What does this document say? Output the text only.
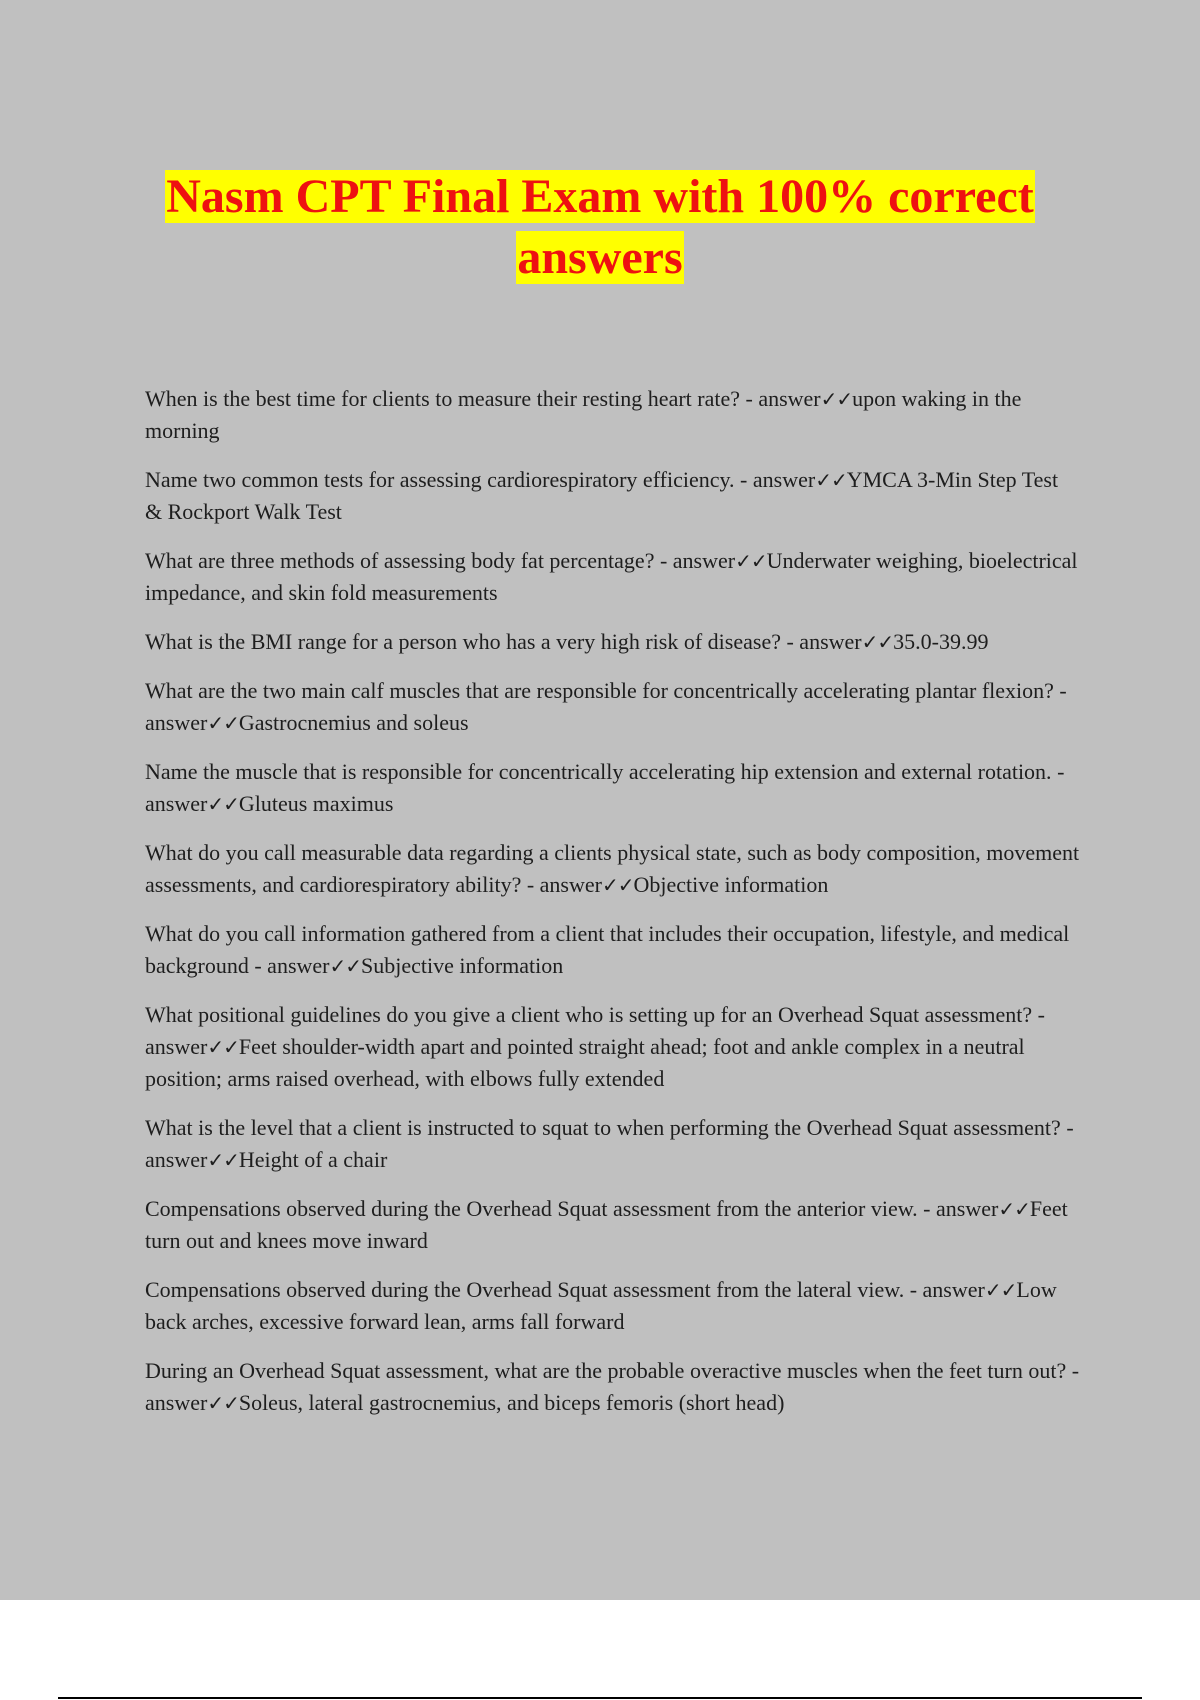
Nasm CPT Final Exam with 100% correct answers
When is the best time for clients to measure their resting heart rate? - answer✓✓upon waking in the morning
Name two common tests for assessing cardiorespiratory efficiency. - answer✓✓YMCA 3-Min Step Test & Rockport Walk Test
What are three methods of assessing body fat percentage? - answer✓✓Underwater weighing, bioelectrical impedance, and skin fold measurements
What is the BMI range for a person who has a very high risk of disease? - answer✓✓35.0-39.99
What are the two main calf muscles that are responsible for concentrically accelerating plantar flexion? - answer✓✓Gastrocnemius and soleus
Name the muscle that is responsible for concentrically accelerating hip extension and external rotation. - answer✓✓Gluteus maximus
What do you call measurable data regarding a clients physical state, such as body composition, movement assessments, and cardiorespiratory ability? - answer✓✓Objective information
What do you call information gathered from a client that includes their occupation, lifestyle, and medical background - answer✓✓Subjective information
What positional guidelines do you give a client who is setting up for an Overhead Squat assessment? - answer✓✓Feet shoulder-width apart and pointed straight ahead; foot and ankle complex in a neutral position; arms raised overhead, with elbows fully extended
What is the level that a client is instructed to squat to when performing the Overhead Squat assessment? - answer✓✓Height of a chair
Compensations observed during the Overhead Squat assessment from the anterior view. - answer✓✓Feet turn out and knees move inward
Compensations observed during the Overhead Squat assessment from the lateral view. - answer✓✓Low back arches, excessive forward lean, arms fall forward
During an Overhead Squat assessment, what are the probable overactive muscles when the feet turn out? - answer✓✓Soleus, lateral gastrocnemius, and biceps femoris (short head)
